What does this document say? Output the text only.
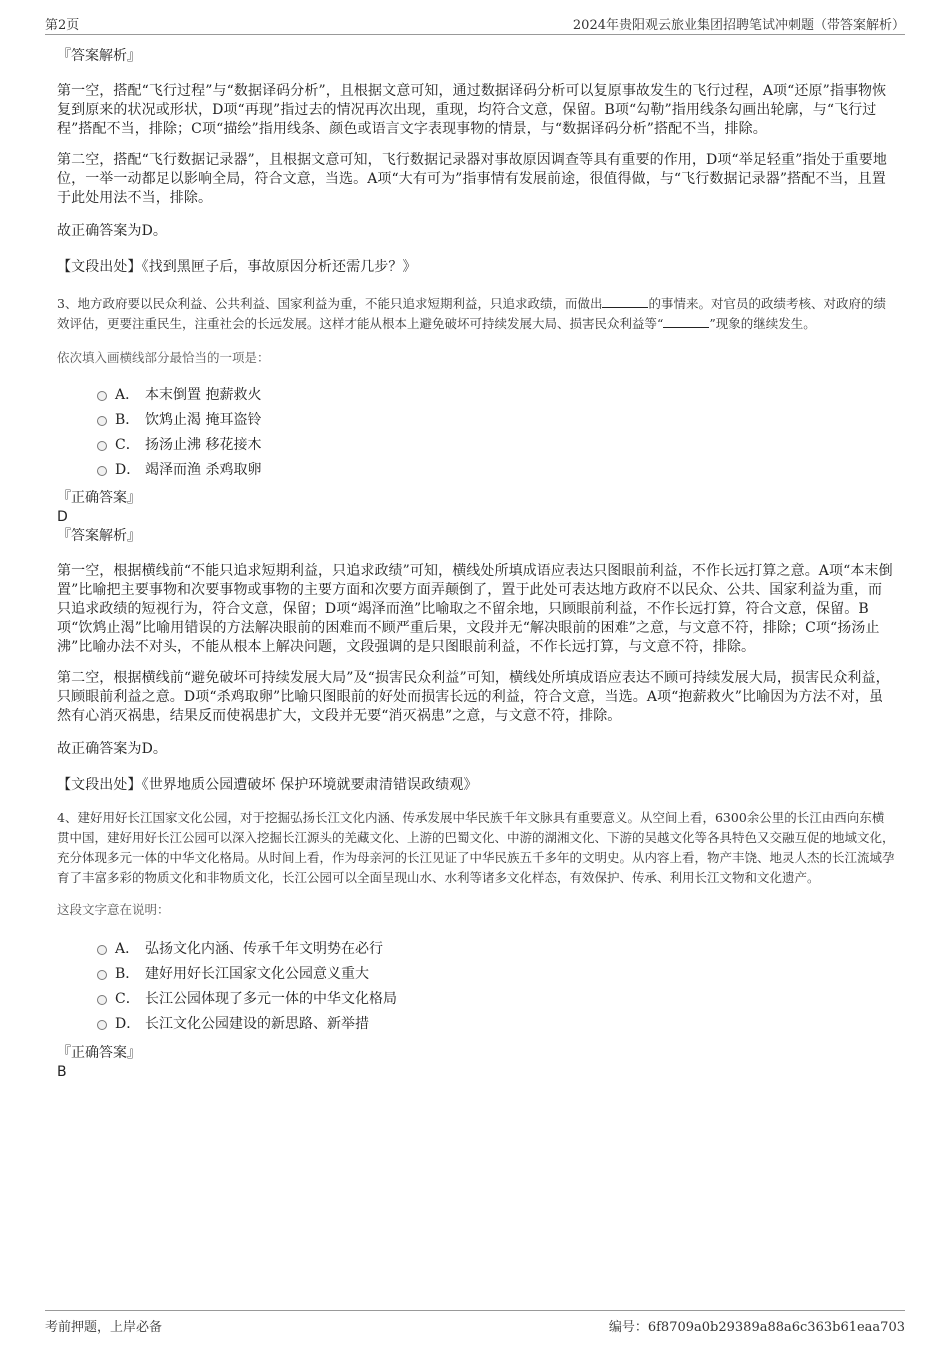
第2页	2024年贵阳观云旅业集团招聘笔试冲刺题（带答案解析）

『答案解析』

第一空，搭配“飞行过程”与“数据译码分析”，且根据文意可知，通过数据译码分析可以复原事故发生的飞行过程，A项“还原”指事物恢复到原来的状况或形状，D项“再现”指过去的情况再次出现，重现，均符合文意，保留。B项“勾勒”指用线条勾画出轮廓，与“飞行过程”搭配不当，排除；C项“描绘”指用线条、颜色或语言文字表现事物的情景，与“数据译码分析”搭配不当，排除。

第二空，搭配“飞行数据记录器”，且根据文意可知，飞行数据记录器对事故原因调查等具有重要的作用，D项“举足轻重”指处于重要地位，一举一动都足以影响全局，符合文意，当选。A项“大有可为”指事情有发展前途，很值得做，与“飞行数据记录器”搭配不当，且置于此处用法不当，排除。

故正确答案为D。

【文段出处】《找到黑匣子后，事故原因分析还需几步？》

3、地方政府要以民众利益、公共利益、国家利益为重，不能只追求短期利益，只追求政绩，而做出	的事情来。对官员的政绩考核、对政府的绩效评估，更要注重民生，注重社会的长远发展。这样才能从根本上避免破坏可持续发展大局、损害民众利益等“	”现象的继续发生。

依次填入画横线部分最恰当的一项是：

A． 本末倒置 抱薪救火
B． 饮鸩止渴 掩耳盗铃
C． 扬汤止沸 移花接木
D． 竭泽而渔 杀鸡取卵

『正确答案』

D

『答案解析』

第一空，根据横线前“不能只追求短期利益，只追求政绩”可知，横线处所填成语应表达只图眼前利益，不作长远打算之意。A项“本末倒置”比喻把主要事物和次要事物或事物的主要方面和次要方面弄颠倒了，置于此处可表达地方政府不以民众、公共、国家利益为重，而只追求政绩的短视行为，符合文意，保留；D项“竭泽而渔”比喻取之不留余地，只顾眼前利益，不作长远打算，符合文意，保留。B项“饮鸩止渴”比喻用错误的方法解决眼前的困难而不顾严重后果，文段并无“解决眼前的困难”之意，与文意不符，排除；C项“扬汤止沸”比喻办法不对头，不能从根本上解决问题，文段强调的是只图眼前利益，不作长远打算，与文意不符，排除。

第二空，根据横线前“避免破坏可持续发展大局”及“损害民众利益”可知，横线处所填成语应表达不顾可持续发展大局，损害民众利益，只顾眼前利益之意。D项“杀鸡取卵”比喻只图眼前的好处而损害长远的利益，符合文意，当选。A项“抱薪救火”比喻因为方法不对，虽然有心消灭祸患，结果反而使祸患扩大，文段并无要“消灭祸患”之意，与文意不符，排除。

故正确答案为D。

【文段出处】《世界地质公园遭破坏 保护环境就要肃清错误政绩观》

4、建好用好长江国家文化公园，对于挖掘弘扬长江文化内涵、传承发展中华民族千年文脉具有重要意义。从空间上看，6300余公里的长江由西向东横贯中国，建好用好长江公园可以深入挖掘长江源头的羌藏文化、上游的巴蜀文化、中游的湖湘文化、下游的吴越文化等各具特色又交融互促的地域文化，充分体现多元一体的中华文化格局。从时间上看，作为母亲河的长江见证了中华民族五千多年的文明史。从内容上看，物产丰饶、地灵人杰的长江流域孕育了丰富多彩的物质文化和非物质文化，长江公园可以全面呈现山水、水利等诸多文化样态，有效保护、传承、利用长江文物和文化遗产。

这段文字意在说明：

A． 弘扬文化内涵、传承千年文明势在必行
B． 建好用好长江国家文化公园意义重大
C． 长江公园体现了多元一体的中华文化格局
D． 长江文化公园建设的新思路、新举措

『正确答案』

B

考前押题，上岸必备	编号：6f8709a0b29389a88a6c363b61eaa703
